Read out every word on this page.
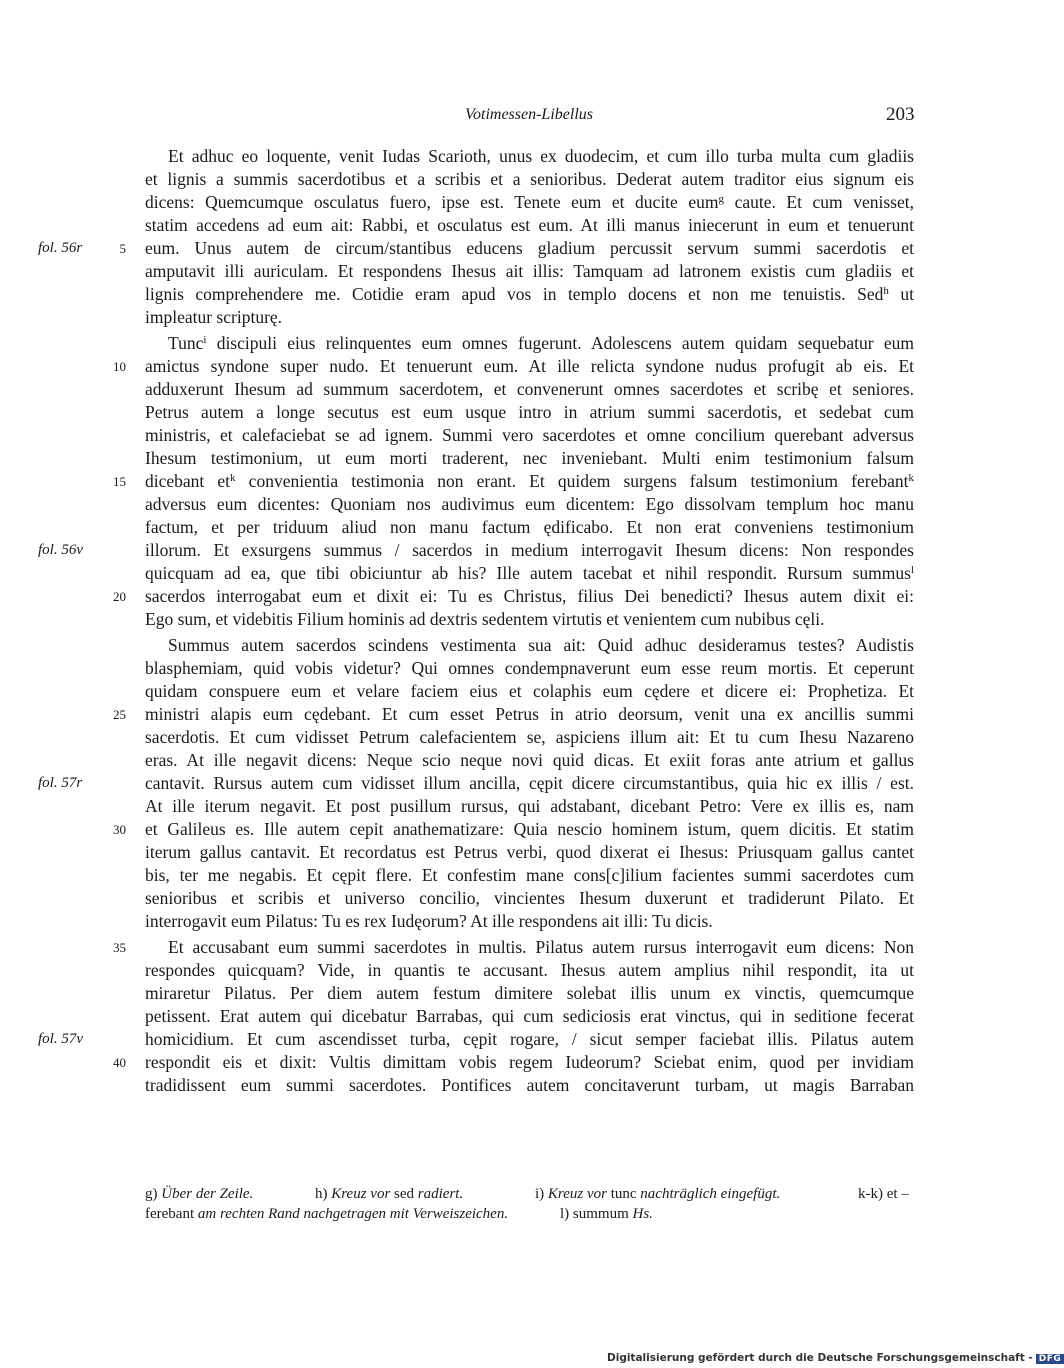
Votimessen-Libellus	203
Et adhuc eo loquente, venit Iudas Scarioth, unus ex duodecim, et cum illo turba multa cum gladiis
et lignis a summis sacerdotibus et a scribis et a senioribus. Dederat autem traditor eius signum eis
dicens: Quemcumque osculatus fuero, ipse est. Tenete eum et ducite eum$^g$ caute. Et cum venisset,
statim accedens ad eum ait: Rabbi, et osculatus est eum. At illi manus iniecerunt in eum et tenuerunt
eum. Unus autem de circum/stantibus educens gladium percussit servum summi sacerdotis et
amputavit illi auriculam. Et respondens Ihesus ait illis: Tamquam ad latronem existis cum gladiis et
lignis comprehendere me. Cotidie eram apud vos in templo docens et non me tenuistis. Sed$^h$ ut
impleatur scripturę.
Tunc$^i$ discipuli eius relinquentes eum omnes fugerunt. Adolescens autem quidam sequebatur eum
amictus syndone super nudo. Et tenuerunt eum. At ille relicta syndone nudus profugit ab eis. Et
adduxerunt Ihesum ad summum sacerdotem, et convenerunt omnes sacerdotes et scribę et seniores.
Petrus autem a longe secutus est eum usque intro in atrium summi sacerdotis, et sedebat cum
ministris, et calefaciebat se ad ignem. Summi vero sacerdotes et omne concilium querebant adversus
Ihesum testimonium, ut eum morti traderent, nec inveniebant. Multi enim testimonium falsum
dicebant $et^k$ convenientia testimonia non erant. Et quidem surgens falsum testimonium ferebant$^k$
adversus eum dicentes: Quoniam nos audivimus eum dicentem: Ego dissolvam templum hoc manu
factum, et per triduum aliud non manu factum ędificabo. Et non erat conveniens testimonium
illorum. Et exsurgens summus / sacerdos in medium interrogavit Ihesum dicens: Non respondes
quicquam ad ea, que tibi obiciuntur ab his? Ille autem tacebat et nihil respondit. Rursum summus$^l$
sacerdos interrogabat eum et dixit ei: Tu es Christus, filius Dei benedicti? Ihesus autem dixit ei:
Ego sum, et videbitis Filium hominis ad dextris sedentem virtutis et venientem cum nubibus cęli.
Summus autem sacerdos scindens vestimenta sua ait: Quid adhuc desideramus testes? Audistis
blasphemiam, quid vobis videtur? Qui omnes condempnaverunt eum esse reum mortis. Et ceperunt
quidam conspuere eum et velare faciem eius et colaphis eum cędere et dicere ei: Prophetiza. Et
ministri alapis eum cędebant. Et cum esset Petrus in atrio deorsum, venit una ex ancillis summi
sacerdotis. Et cum vidisset Petrum calefacientem se, aspiciens illum ait: Et tu cum Ihesu Nazareno
eras. At ille negavit dicens: Neque scio neque novi quid dicas. Et exiit foras ante atrium et gallus
cantavit. Rursus autem cum vidisset illum ancilla, cępit dicere circumstantibus, quia hic ex illis / est.
At ille iterum negavit. Et post pusillum rursus, qui adstabant, dicebant Petro: Vere ex illis es, nam
et Galileus es. Ille autem cepit anathematizare: Quia nescio hominem istum, quem dicitis. Et statim
iterum gallus cantavit. Et recordatus est Petrus verbi, quod dixerat ei Ihesus: Priusquam gallus cantet
bis, ter me negabis. Et cępit flere. Et confestim mane cons[c]ilium facientes summi sacerdotes cum
senioribus et scribis et universo concilio, vincientes Ihesum duxerunt et tradiderunt Pilato. Et
interrogavit eum Pilatus: Tu es rex Iudęorum? At ille respondens ait illi: Tu dicis.
Et accusabant eum summi sacerdotes in multis. Pilatus autem rursus interrogavit eum dicens: Non
respondes quicquam? Vide, in quantis te accusant. Ihesus autem amplius nihil respondit, ita ut
miraretur Pilatus. Per diem autem festum dimitere solebat illis unum ex vinctis, quemcumque
petissent. Erat autem qui dicebatur Barrabas, qui cum sediciosis erat vinctus, qui in seditione fecerat
homicidium. Et cum ascendisset turba, cępit rogare, / sicut semper faciebat illis. Pilatus autem
respondit eis et dixit: Vultis dimittam vobis regem Iudeorum? Sciebat enim, quod per invidiam
tradidissent eum summi sacerdotes. Pontifices autem concitaverunt turbam, ut magis Barraban
5
10
15
20
25
30
35
40
fol. 56r
fol. 56v
fol. 57r
fol. 57v
g) Über der Zeile.	h) Kreuz vor sed radiert.	i) Kreuz vor tunc nachträglich eingefügt.	k-k) et –
ferebant am rechten Rand nachgetragen mit Verweiszeichen.	l) summum Hs.
Digitalisierung gefördert durch die Deutsche Forschungsgemeinschaft - DFG
